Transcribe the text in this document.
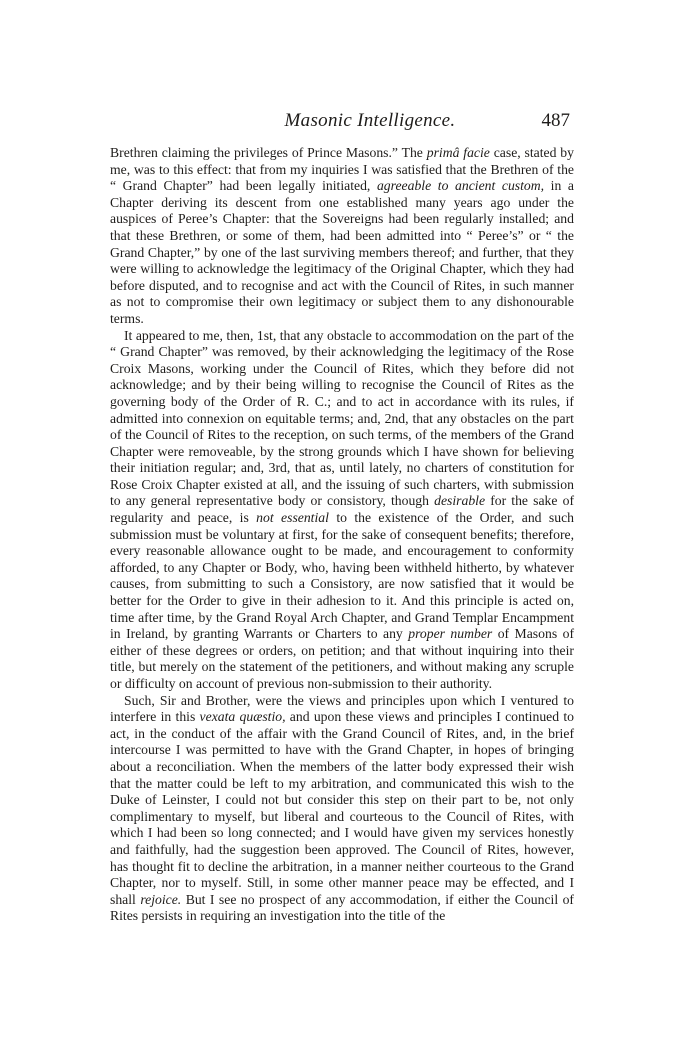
Masonic Intelligence.	487

Brethren claiming the privileges of Prince Masons.” The primâ facie case, stated by me, was to this effect: that from my inquiries I was satisfied that the Brethren of the “ Grand Chapter” had been legally initiated, agreeable to ancient custom, in a Chapter deriving its descent from one established many years ago under the auspices of Peree’s Chapter: that the Sovereigns had been regularly installed; and that these Brethren, or some of them, had been admitted into “ Peree’s” or “ the Grand Chapter,” by one of the last surviving members thereof; and further, that they were willing to acknowledge the legitimacy of the Original Chapter, which they had before disputed, and to recognise and act with the Council of Rites, in such manner as not to compromise their own legitimacy or subject them to any dishonourable terms.

It appeared to me, then, 1st, that any obstacle to accommodation on the part of the “ Grand Chapter” was removed, by their acknowledging the legitimacy of the Rose Croix Masons, working under the Council of Rites, which they before did not acknowledge; and by their being willing to recognise the Council of Rites as the governing body of the Order of R. C.; and to act in accordance with its rules, if admitted into connexion on equitable terms; and, 2nd, that any obstacles on the part of the Council of Rites to the reception, on such terms, of the members of the Grand Chapter were removeable, by the strong grounds which I have shown for believing their initiation regular; and, 3rd, that as, until lately, no charters of constitution for Rose Croix Chapter existed at all, and the issuing of such charters, with submission to any general representative body or consistory, though desirable for the sake of regularity and peace, is not essential to the existence of the Order, and such submission must be voluntary at first, for the sake of consequent benefits; therefore, every reasonable allowance ought to be made, and encouragement to conformity afforded, to any Chapter or Body, who, having been withheld hitherto, by whatever causes, from submitting to such a Consistory, are now satisfied that it would be better for the Order to give in their adhesion to it. And this principle is acted on, time after time, by the Grand Royal Arch Chapter, and Grand Templar Encampment in Ireland, by granting Warrants or Charters to any proper number of Masons of either of these degrees or orders, on petition; and that without inquiring into their title, but merely on the statement of the petitioners, and without making any scruple or difficulty on account of previous non-submission to their authority.

Such, Sir and Brother, were the views and principles upon which I ventured to interfere in this vexata quæstio, and upon these views and principles I continued to act, in the conduct of the affair with the Grand Council of Rites, and, in the brief intercourse I was permitted to have with the Grand Chapter, in hopes of bringing about a reconciliation. When the members of the latter body expressed their wish that the matter could be left to my arbitration, and communicated this wish to the Duke of Leinster, I could not but consider this step on their part to be, not only complimentary to myself, but liberal and courteous to the Council of Rites, with which I had been so long connected; and I would have given my services honestly and faithfully, had the suggestion been approved. The Council of Rites, however, has thought fit to decline the arbitration, in a manner neither courteous to the Grand Chapter, nor to myself. Still, in some other manner peace may be effected, and I shall rejoice. But I see no prospect of any accommodation, if either the Council of Rites persists in requiring an investigation into the title of the
